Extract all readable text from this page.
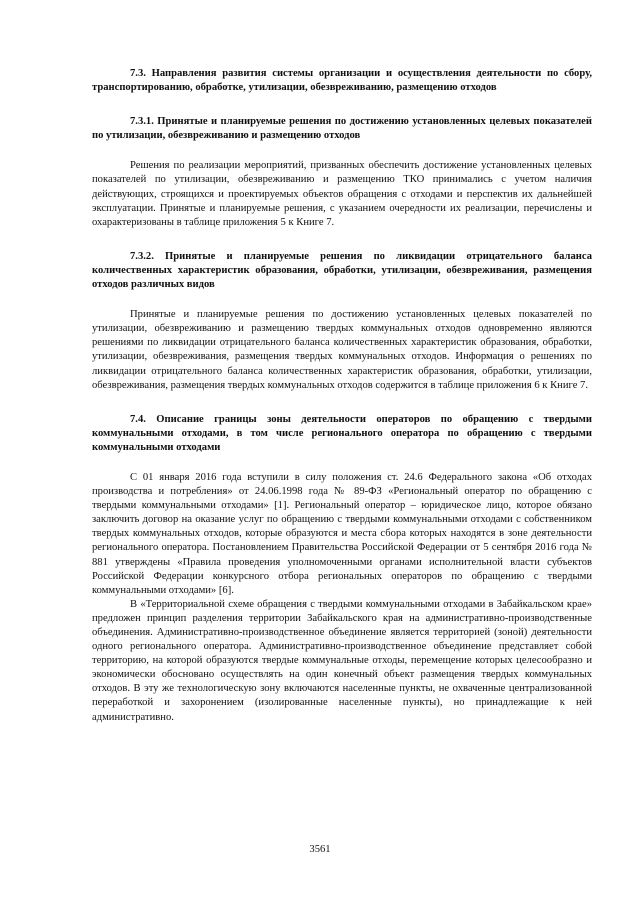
7.3. Направления развития системы организации и осуществления деятельности по сбору, транспортированию, обработке, утилизации, обезвреживанию, размещению отходов

7.3.1. Принятые и планируемые решения по достижению установленных целевых показателей по утилизации, обезвреживанию и размещению отходов

Решения по реализации мероприятий, призванных обеспечить достижение установленных целевых показателей по утилизации, обезвреживанию и размещению ТКО принимались с учетом наличия действующих, строящихся и проектируемых объектов обращения с отходами и перспектив их дальнейшей эксплуатации. Принятые и планируемые решения, с указанием очередности их реализации, перечислены и охарактеризованы в таблице приложения 5 к Книге 7.

7.3.2. Принятые и планируемые решения по ликвидации отрицательного баланса количественных характеристик образования, обработки, утилизации, обезвреживания, размещения отходов различных видов

Принятые и планируемые решения по достижению установленных целевых показателей по утилизации, обезвреживанию и размещению твердых коммунальных отходов одновременно являются решениями по ликвидации отрицательного баланса количественных характеристик образования, обработки, утилизации, обезвреживания, размещения твердых коммунальных отходов. Информация о решениях по ликвидации отрицательного баланса количественных характеристик образования, обработки, утилизации, обезвреживания, размещения твердых коммунальных отходов содержится в таблице приложения 6 к Книге 7.

7.4. Описание границы зоны деятельности операторов по обращению с твердыми коммунальными отходами, в том числе регионального оператора по обращению с твердыми коммунальными отходами

С 01 января 2016 года вступили в силу положения ст. 24.6 Федерального закона «Об отходах производства и потребления» от 24.06.1998 года № 89-ФЗ «Региональный оператор по обращению с твердыми коммунальными отходами» [1]. Региональный оператор – юридическое лицо, которое обязано заключить договор на оказание услуг по обращению с твердыми коммунальными отходами с собственником твердых коммунальных отходов, которые образуются и места сбора которых находятся в зоне деятельности регионального оператора. Постановлением Правительства Российской Федерации от 5 сентября 2016 года № 881 утверждены «Правила проведения уполномоченными органами исполнительной власти субъектов Российской Федерации конкурсного отбора региональных операторов по обращению с твердыми коммунальными отходами» [6].

В «Территориальной схеме обращения с твердыми коммунальными отходами в Забайкальском крае» предложен принцип разделения территории Забайкальского края на административно-производственные объединения. Административно-производственное объединение является территорией (зоной) деятельности одного регионального оператора. Административно-производственное объединение представляет собой территорию, на которой образуются твердые коммунальные отходы, перемещение которых целесообразно и экономически обосновано осуществлять на один конечный объект размещения твердых коммунальных отходов. В эту же технологическую зону включаются населенные пункты, не охваченные централизованной переработкой и захоронением (изолированные населенные пункты), но принадлежащие к ней административно.

3561
